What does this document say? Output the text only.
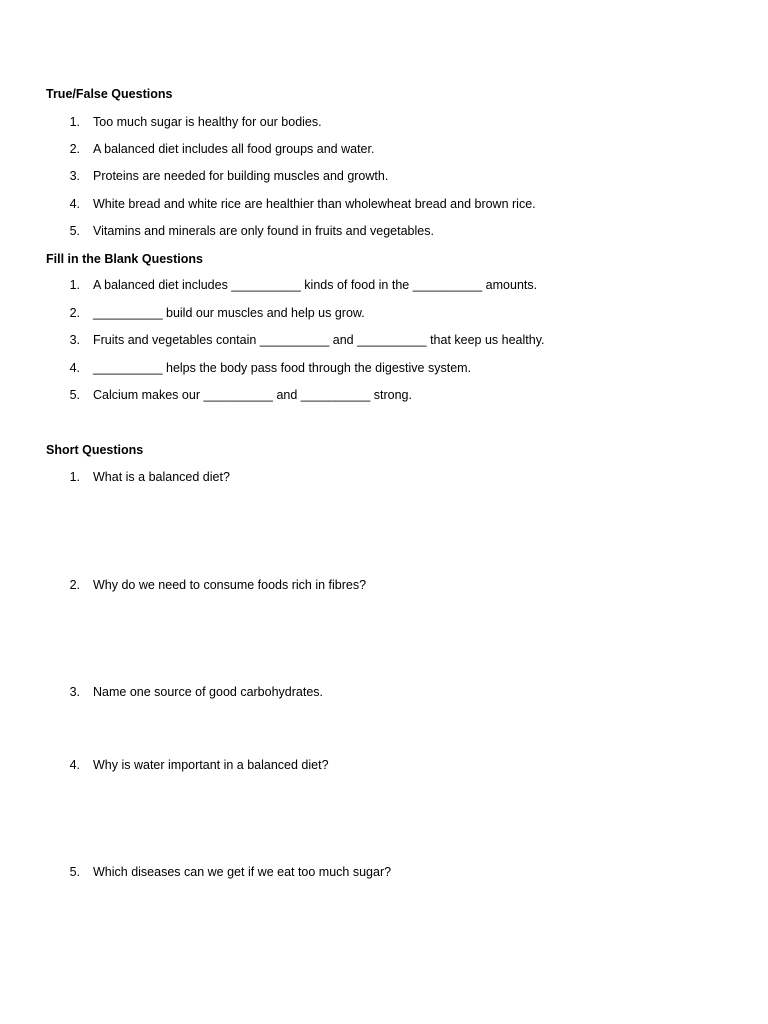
True/False Questions
1. Too much sugar is healthy for our bodies.
2. A balanced diet includes all food groups and water.
3. Proteins are needed for building muscles and growth.
4. White bread and white rice are healthier than wholewheat bread and brown rice.
5. Vitamins and minerals are only found in fruits and vegetables.
Fill in the Blank Questions
1. A balanced diet includes __________ kinds of food in the __________ amounts.
2. __________ build our muscles and help us grow.
3. Fruits and vegetables contain __________ and __________ that keep us healthy.
4. __________ helps the body pass food through the digestive system.
5. Calcium makes our __________ and __________ strong.
Short Questions
1. What is a balanced diet?
2. Why do we need to consume foods rich in fibres?
3. Name one source of good carbohydrates.
4. Why is water important in a balanced diet?
5. Which diseases can we get if we eat too much sugar?
